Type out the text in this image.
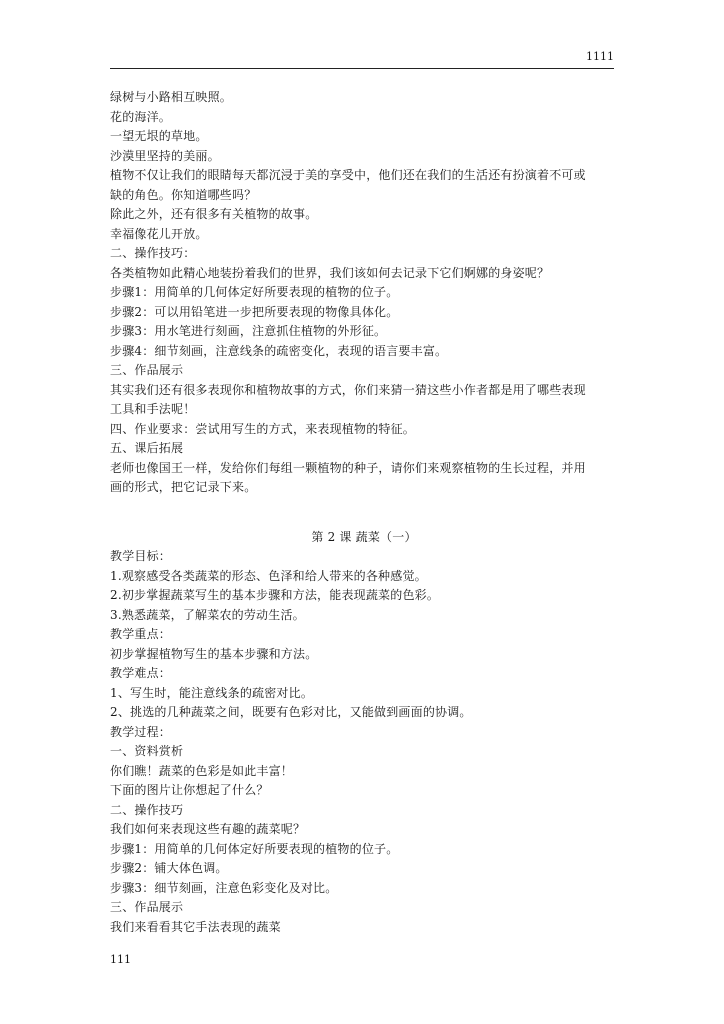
1111
绿树与小路相互映照。
花的海洋。
一望无垠的草地。
沙漠里坚持的美丽。
植物不仅让我们的眼睛每天都沉浸于美的享受中，他们还在我们的生活还有扮演着不可或
缺的角色。你知道哪些吗？
除此之外，还有很多有关植物的故事。
幸福像花儿开放。
二、操作技巧：
各类植物如此精心地装扮着我们的世界，我们该如何去记录下它们婀娜的身姿呢？
步骤1：用简单的几何体定好所要表现的植物的位子。
步骤2：可以用铅笔进一步把所要表现的物像具体化。
步骤3：用水笔进行刻画，注意抓住植物的外形征。
步骤4：细节刻画，注意线条的疏密变化，表现的语言要丰富。
三、作品展示
其实我们还有很多表现你和植物故事的方式，你们来猜一猜这些小作者都是用了哪些表现
工具和手法呢！
四、作业要求：尝试用写生的方式，来表现植物的特征。
五、课后拓展
老师也像国王一样，发给你们每组一颗植物的种子，请你们来观察植物的生长过程，并用
画的形式，把它记录下来。
第 2 课 蔬菜（一）
教学目标：
1.观察感受各类蔬菜的形态、色泽和给人带来的各种感觉。
2.初步掌握蔬菜写生的基本步骤和方法，能表现蔬菜的色彩。
3.熟悉蔬菜，了解菜农的劳动生活。
教学重点：
初步掌握植物写生的基本步骤和方法。
教学难点：
1、写生时，能注意线条的疏密对比。
2、挑选的几种蔬菜之间，既要有色彩对比，又能做到画面的协调。
教学过程：
一、资料赏析
你们瞧！蔬菜的色彩是如此丰富！
下面的图片让你想起了什么？
二、操作技巧
我们如何来表现这些有趣的蔬菜呢？
步骤1：用简单的几何体定好所要表现的植物的位子。
步骤2：铺大体色调。
步骤3：细节刻画，注意色彩变化及对比。
三、作品展示
我们来看看其它手法表现的蔬菜
111
